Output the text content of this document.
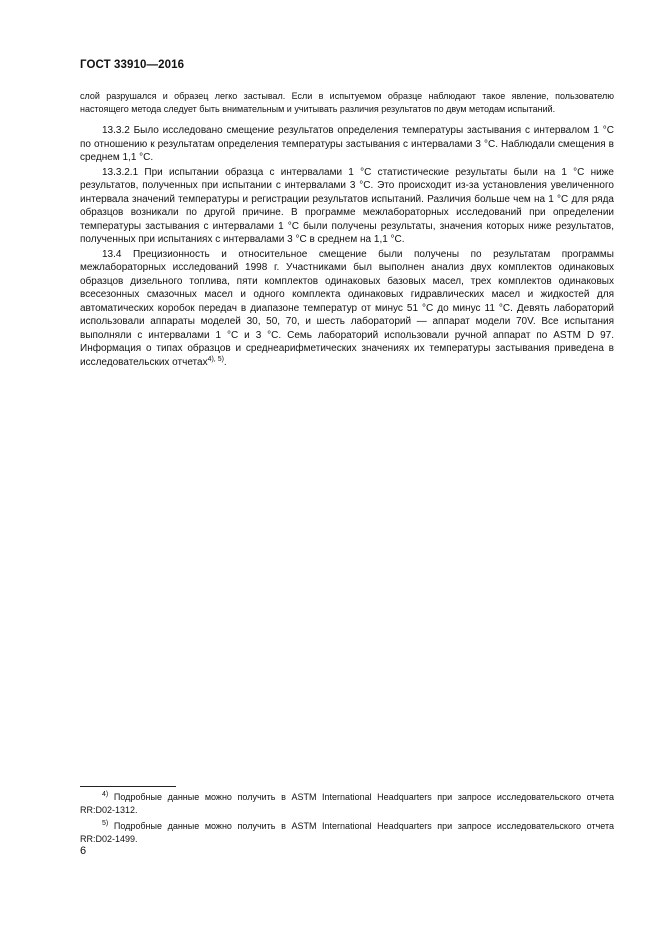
ГОСТ 33910—2016

слой разрушался и образец легко застывал. Если в испытуемом образце наблюдают такое явление, пользователю настоящего метода следует быть внимательным и учитывать различия результатов по двум методам испытаний.

13.3.2 Было исследовано смещение результатов определения температуры застывания с интервалом 1 °С по отношению к результатам определения температуры застывания с интервалами 3 °С. Наблюдали смещения в среднем 1,1 °С.

13.3.2.1 При испытании образца с интервалами 1 °С статистические результаты были на 1 °С ниже результатов, полученных при испытании с интервалами 3 °С. Это происходит из-за установления увеличенного интервала значений температуры и регистрации результатов испытаний. Различия больше чем на 1 °С для ряда образцов возникали по другой причине. В программе межлабораторных исследований при определении температуры застывания с интервалами 1 °С были получены результаты, значения которых ниже результатов, полученных при испытаниях с интервалами 3 °С в среднем на 1,1 °С.

13.4 Прецизионность и относительное смещение были получены по результатам программы межлабораторных исследований 1998 г. Участниками был выполнен анализ двух комплектов одинаковых образцов дизельного топлива, пяти комплектов одинаковых базовых масел, трех комплектов одинаковых всесезонных смазочных масел и одного комплекта одинаковых гидравлических масел и жидкостей для автоматических коробок передач в диапазоне температур от минус 51 °С до минус 11 °С. Девять лабораторий использовали аппараты моделей 30, 50, 70, и шесть лабораторий — аппарат модели 70V. Все испытания выполняли с интервалами 1 °С и 3 °С. Семь лабораторий использовали ручной аппарат по ASTM D 97. Информация о типах образцов и среднеарифметических значениях их температуры застывания приведена в исследовательских отчетах$^{4), 5)}$.

$^{4)}$ Подробные данные можно получить в ASTM International Headquarters при запросе исследовательского отчета RR:D02-1312.

$^{5)}$ Подробные данные можно получить в ASTM International Headquarters при запросе исследовательского отчета RR:D02-1499.

6
